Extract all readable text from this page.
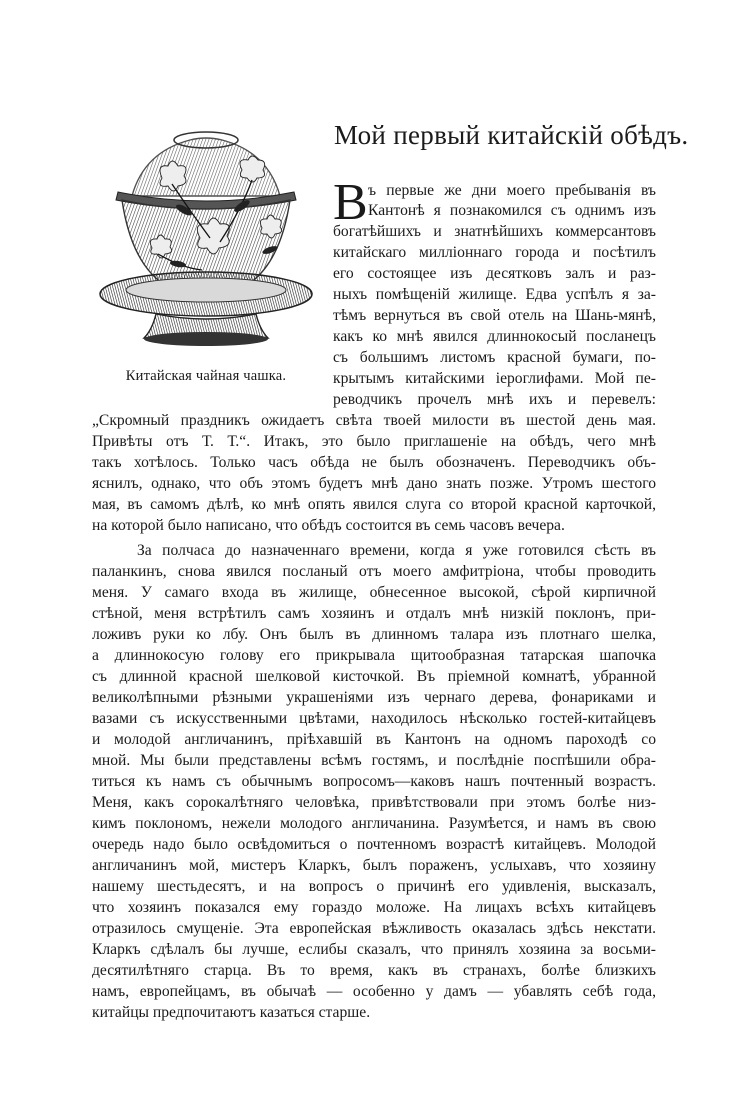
Китайская чайная чашка.
Мой первый китайскій обѣдъ.
В ъ первые же дни моего пребыванія въ
Кантонѣ я познакомился съ однимъ изъ
богатѣйшихъ и знатнѣйшихъ коммерсантовъ
китайскаго милліоннаго города и посѣтилъ
его состоящее изъ десятковъ залъ и раз-
ныхъ помѣщеній жилище. Едва успѣлъ я за-
тѣмъ вернуться въ свой отель на Шань-мянѣ,
какъ ко мнѣ явился длиннокосый посланецъ
съ большимъ листомъ красной бумаги, по-
крытымъ китайскими іероглифами. Мой пе-
реводчикъ прочелъ мнѣ ихъ и перевелъ:
„Скромный праздникъ ожидаетъ свѣта твоей милости въ шестой день мая.
Привѣты отъ Т. Т.“. Итакъ, это было приглашеніе на обѣдъ, чего мнѣ
такъ хотѣлось. Только часъ обѣда не былъ обозначенъ. Переводчикъ объ-
яснилъ, однако, что объ этомъ будетъ мнѣ дано знать позже. Утромъ шестого
мая, въ самомъ дѣлѣ, ко мнѣ опять явился слуга со второй красной карточкой,
на которой было написано, что обѣдъ состоится въ семь часовъ вечера.
За полчаса до назначеннаго времени, когда я уже готовился сѣсть въ
паланкинъ, снова явился посланый отъ моего амфитріона, чтобы проводить
меня. У самаго входа въ жилище, обнесенное высокой, сѣрой кирпичной
стѣной, меня встрѣтилъ самъ хозяинъ и отдалъ мнѣ низкій поклонъ, при-
ложивъ руки ко лбу. Онъ былъ въ длинномъ талара изъ плотнаго шелка,
а длиннокосую голову его прикрывала щитообразная татарская шапочка
съ длинной красной шелковой кисточкой. Въ пріемной комнатѣ, убранной
великолѣпными рѣзными украшеніями изъ чернаго дерева, фонариками и
вазами съ искусственными цвѣтами, находилось нѣсколько гостей-китайцевъ
и молодой англичанинъ, пріѣхавшій въ Кантонъ на одномъ пароходѣ со
мной. Мы были представлены всѣмъ гостямъ, и послѣдніе поспѣшили обра-
титься къ намъ съ обычнымъ вопросомъ—каковъ нашъ почтенный возрастъ.
Меня, какъ сорокалѣтняго человѣка, привѣтствовали при этомъ болѣе низ-
кимъ поклономъ, нежели молодого англичанина. Разумѣется, и намъ въ свою
очередь надо было освѣдомиться о почтенномъ возрастѣ китайцевъ. Молодой
англичанинъ мой, мистеръ Кларкъ, былъ пораженъ, услыхавъ, что хозяину
нашему шестьдесятъ, и на вопросъ о причинѣ его удивленія, высказалъ,
что хозяинъ показался ему гораздо моложе. На лицахъ всѣхъ китайцевъ
отразилось смущеніе. Эта европейская вѣжливость оказалась здѣсь некстати.
Кларкъ сдѣлалъ бы лучше, еслибы сказалъ, что принялъ хозяина за восьми-
десятилѣтняго старца. Въ то время, какъ въ странахъ, болѣе близкихъ
намъ, европейцамъ, въ обычаѣ — особенно у дамъ — убавлять себѣ года,
китайцы предпочитаютъ казаться старше.
